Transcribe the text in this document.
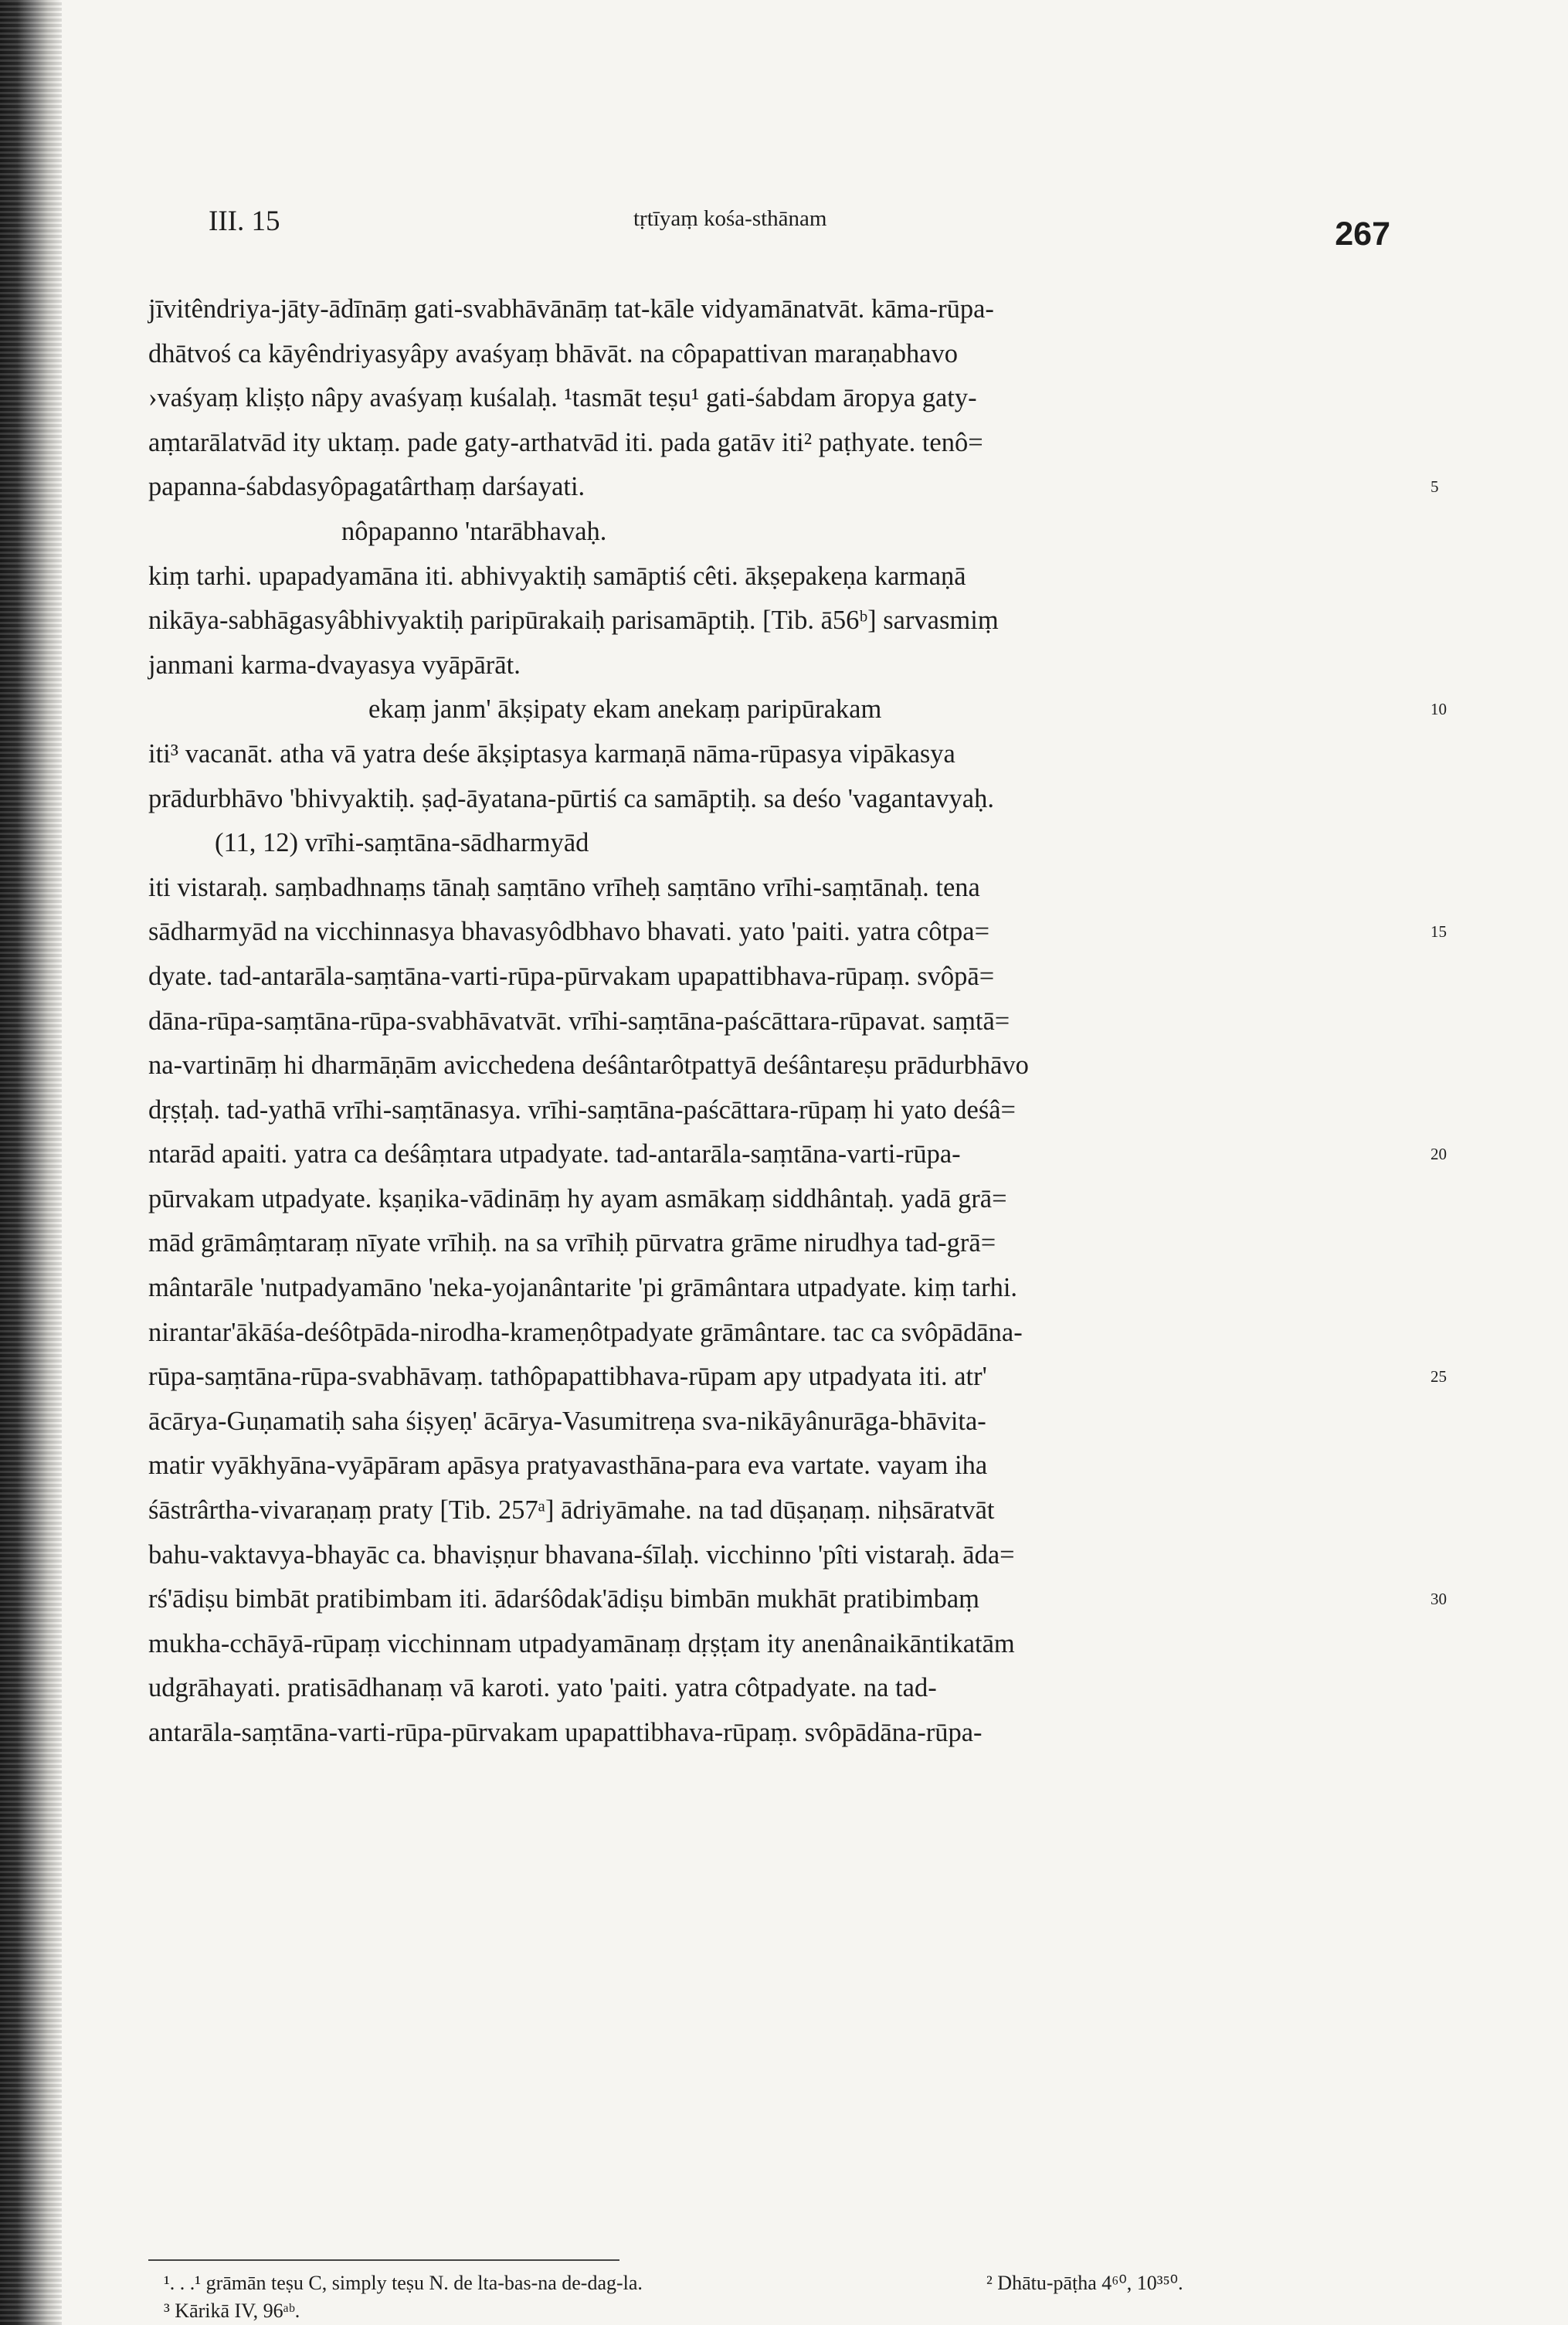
III. 15	tṛtīyaṃ kośa-sthānam	267
jīvitêndriya-jāty-ādīnāṃ gati-svabhāvānāṃ tat-kāle vidyamānatvāt. kāma-rūpa-
dhātvoś ca kāyêndriyasyâpy avaśyaṃ bhāvāt. na côpapattivan maraṇabhavo
›vaśyaṃ kliṣṭo nâpy avaśyaṃ kuśalaḥ. ¹tasmāt teṣu¹ gati-śabdam āropya gaty-
aṃtarālatvād ity uktaṃ. pade gaty-arthatvād iti. pada gatāv iti² paṭhyate. tenô=
papanna-śabdasyôpagatârthaṃ darśayati.	5
nôpapanno 'ntarābhavaḥ.
kiṃ tarhi. upapadyamāna iti. abhivyaktiḥ samāptiś cêti. ākṣepakeṇa karmaṇā
nikāya-sabhāgasyâbhivyaktiḥ paripūrakaiḥ parisamāptiḥ. [Tib. ā56ᵇ] sarvasmiṃ
janmani karma-dvayasya vyāpārāt.
ekaṃ janm' ākṣipaty ekam anekaṃ paripūrakam	10
iti³ vacanāt. atha vā yatra deśe ākṣiptasya karmaṇā nāma-rūpasya vipākasya
prādurbhāvo 'bhivyaktiḥ. ṣaḍ-āyatana-pūrtiś ca samāptiḥ. sa deśo 'vagantavyaḥ.
(11, 12) vrīhi-saṃtāna-sādharmyād
iti vistaraḥ. saṃbadhnaṃs tānaḥ saṃtāno vrīheḥ saṃtāno vrīhi-saṃtānaḥ. tena
sādharmyād na vicchinnasya bhavasyôdbhavo bhavati. yato 'paiti. yatra côtpa=	15
dyate. tad-antarāla-saṃtāna-varti-rūpa-pūrvakam upapattibhava-rūpaṃ. svôpā=
dāna-rūpa-saṃtāna-rūpa-svabhāvatvāt. vrīhi-saṃtāna-paścāttara-rūpavat. saṃtā=
na-vartināṃ hi dharmāṇām avicchedena deśântarôtpattyā deśântareṣu prādurbhāvo
dṛṣṭaḥ. tad-yathā vrīhi-saṃtānasya. vrīhi-saṃtāna-paścāttara-rūpaṃ hi yato deśâ=
ntarād apaiti. yatra ca deśâṃtara utpadyate. tad-antarāla-saṃtāna-varti-rūpa-	20
pūrvakam utpadyate. kṣaṇika-vādināṃ hy ayam asmākaṃ siddhântaḥ. yadā grā=
mād grāmâṃtaraṃ nīyate vrīhiḥ. na sa vrīhiḥ pūrvatra grāme nirudhya tad-grā=
mântarāle 'nutpadyamāno 'neka-yojanântarite 'pi grāmântara utpadyate. kiṃ tarhi.
nirantar'ākāśa-deśôtpāda-nirodha-krameṇôtpadyate grāmântare. tac ca svôpādāna-
rūpa-saṃtāna-rūpa-svabhāvaṃ. tathôpapattibhava-rūpam apy utpadyata iti. atr'	25
ācārya-Guṇamatiḥ saha śiṣyeṇ' ācārya-Vasumitreṇa sva-nikāyânurāga-bhāvita-
matir vyākhyāna-vyāpāram apāsya pratyavasthāna-para eva vartate. vayam iha
śāstrârtha-vivaraṇaṃ praty [Tib. 257ᵃ] ādriyāmahe. na tad dūṣaṇaṃ. niḥsāratvāt
bahu-vaktavya-bhayāc ca. bhaviṣṇur bhavana-śīlaḥ. vicchinno 'pîti vistaraḥ. āda=
rś'ādiṣu bimbāt pratibimbam iti. ādarśôdak'ādiṣu bimbān mukhāt pratibimbaṃ	30
mukha-cchāyā-rūpaṃ vicchinnam utpadyamānaṃ dṛṣṭam ity anenânaikāntikatām
udgrāhayati. pratisādhanaṃ vā karoti. yato 'paiti. yatra côtpadyate. na tad-
antarāla-saṃtāna-varti-rūpa-pūrvakam upapattibhava-rūpaṃ. svôpādāna-rūpa-
¹. . .¹ grāmān teṣu C, simply teṣu N. de lta-bas-na de-dag-la.	² Dhātu-pāṭha 4⁶⁰, 10³⁵⁰.
³ Kārikā IV, 96ᵃᵇ.
